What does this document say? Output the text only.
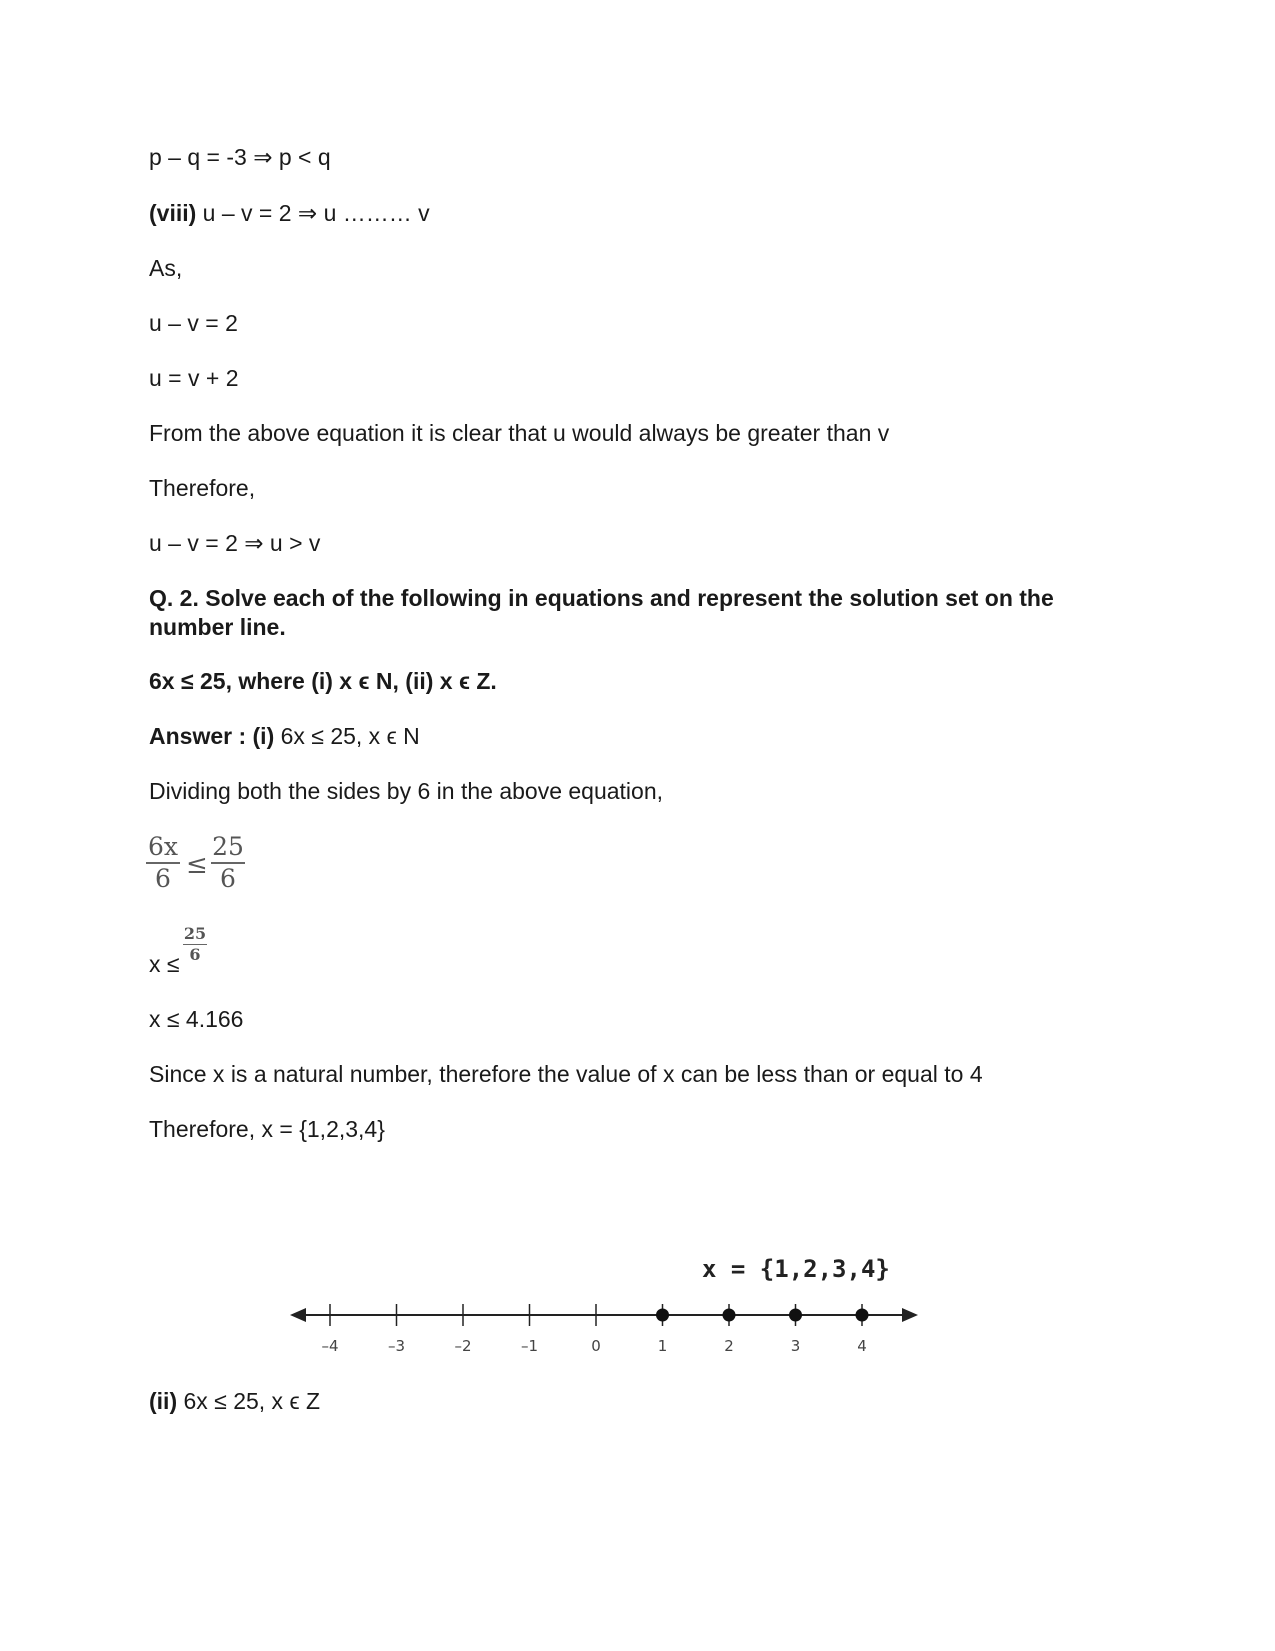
p – q = -3 ⇒ p < q
(viii) u – v = 2 ⇒ u ……… v
As,
u – v = 2
u = v + 2
From the above equation it is clear that u would always be greater than v
Therefore,
u – v = 2 ⇒ u > v
Q. 2. Solve each of the following in equations and represent the solution set on the number line.
6x ≤ 25, where (i) x ϵ N, (ii) x ϵ Z.
Answer : (i) 6x ≤ 25, x ϵ N
Dividing both the sides by 6 in the above equation,
6x
6 ≤
25
6
x ≤
25
6
x ≤ 4.166
Since x is a natural number, therefore the value of x can be less than or equal to 4
Therefore, x = {1,2,3,4}
x = {1,2,3,4}
–4	–3	–2	–1	0	1	2	3	4
(ii) 6x ≤ 25, x ϵ Z
